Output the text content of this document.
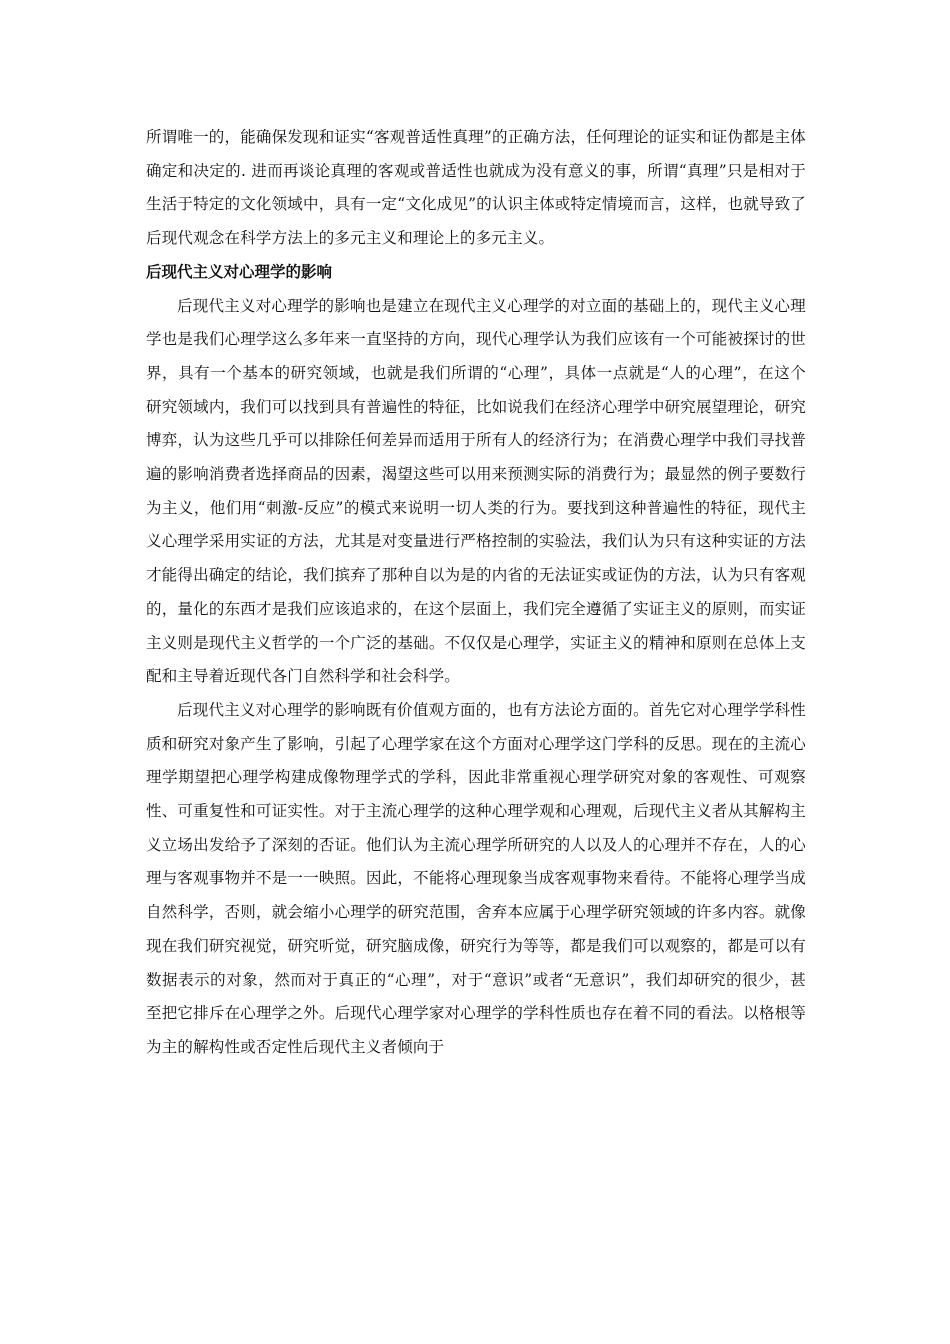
所谓唯一的，能确保发现和证实“客观普适性真理”的正确方法，任何理论的证实和证伪都是主体确定和决定的. 进而再谈论真理的客观或普适性也就成为没有意义的事，所谓“真理”只是相对于生活于特定的文化领域中，具有一定“文化成见”的认识主体或特定情境而言，这样，也就导致了后现代观念在科学方法上的多元主义和理论上的多元主义。

后现代主义对心理学的影响

后现代主义对心理学的影响也是建立在现代主义心理学的对立面的基础上的，现代主义心理学也是我们心理学这么多年来一直坚持的方向，现代心理学认为我们应该有一个可能被探讨的世界，具有一个基本的研究领域，也就是我们所谓的“心理”，具体一点就是“人的心理”，在这个研究领域内，我们可以找到具有普遍性的特征，比如说我们在经济心理学中研究展望理论，研究博弈，认为这些几乎可以排除任何差异而适用于所有人的经济行为；在消费心理学中我们寻找普遍的影响消费者选择商品的因素，渴望这些可以用来预测实际的消费行为；最显然的例子要数行为主义，他们用“刺激-反应”的模式来说明一切人类的行为。要找到这种普遍性的特征，现代主义心理学采用实证的方法，尤其是对变量进行严格控制的实验法，我们认为只有这种实证的方法才能得出确定的结论，我们摈弃了那种自以为是的内省的无法证实或证伪的方法，认为只有客观的，量化的东西才是我们应该追求的，在这个层面上，我们完全遵循了实证主义的原则，而实证主义则是现代主义哲学的一个广泛的基础。不仅仅是心理学，实证主义的精神和原则在总体上支配和主导着近现代各门自然科学和社会科学。

后现代主义对心理学的影响既有价值观方面的，也有方法论方面的。首先它对心理学学科性质和研究对象产生了影响，引起了心理学家在这个方面对心理学这门学科的反思。现在的主流心理学期望把心理学构建成像物理学式的学科，因此非常重视心理学研究对象的客观性、可观察性、可重复性和可证实性。对于主流心理学的这种心理学观和心理观，后现代主义者从其解构主义立场出发给予了深刻的否证。他们认为主流心理学所研究的人以及人的心理并不存在，人的心理与客观事物并不是一一映照。因此，不能将心理现象当成客观事物来看待。不能将心理学当成自然科学，否则，就会缩小心理学的研究范围，舍弃本应属于心理学研究领域的许多内容。就像现在我们研究视觉，研究听觉，研究脑成像，研究行为等等，都是我们可以观察的，都是可以有数据表示的对象，然而对于真正的“心理”，对于“意识”或者“无意识”，我们却研究的很少，甚至把它排斥在心理学之外。后现代心理学家对心理学的学科性质也存在着不同的看法。以格根等为主的解构性或否定性后现代主义者倾向于
